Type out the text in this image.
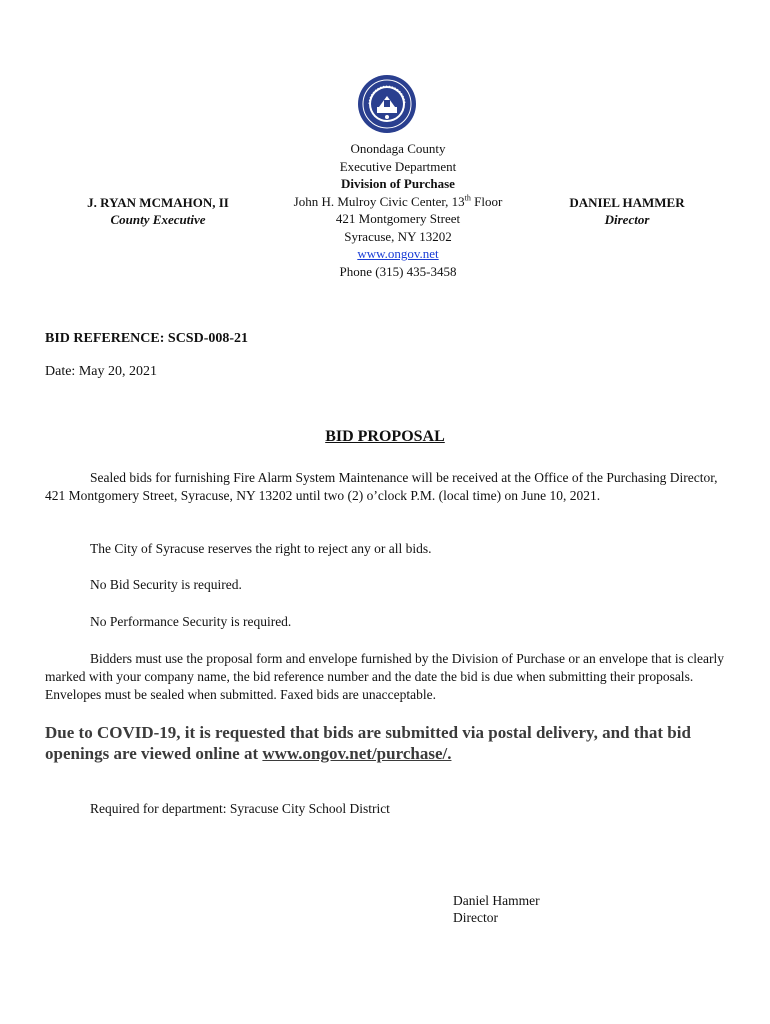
J. RYAN MCMAHON, II
County Executive
Onondaga County
Executive Department
Division of Purchase
John H. Mulroy Civic Center, 13th Floor
421 Montgomery Street
Syracuse, NY 13202
www.ongov.net
Phone (315) 435-3458
DANIEL HAMMER
Director
BID REFERENCE: SCSD-008-21
Date: May 20, 2021
BID PROPOSAL
Sealed bids for furnishing Fire Alarm System Maintenance will be received at the Office of the Purchasing Director, 421 Montgomery Street, Syracuse, NY 13202 until two (2) o’clock P.M. (local time) on June 10, 2021.
The City of Syracuse reserves the right to reject any or all bids.
No Bid Security is required.
No Performance Security is required.
Bidders must use the proposal form and envelope furnished by the Division of Purchase or an envelope that is clearly marked with your company name, the bid reference number and the date the bid is due when submitting their proposals. Envelopes must be sealed when submitted. Faxed bids are unacceptable.
Due to COVID-19, it is requested that bids are submitted via postal delivery, and that bid openings are viewed online at www.ongov.net/purchase/.
Required for department: Syracuse City School District
Daniel Hammer
Director
